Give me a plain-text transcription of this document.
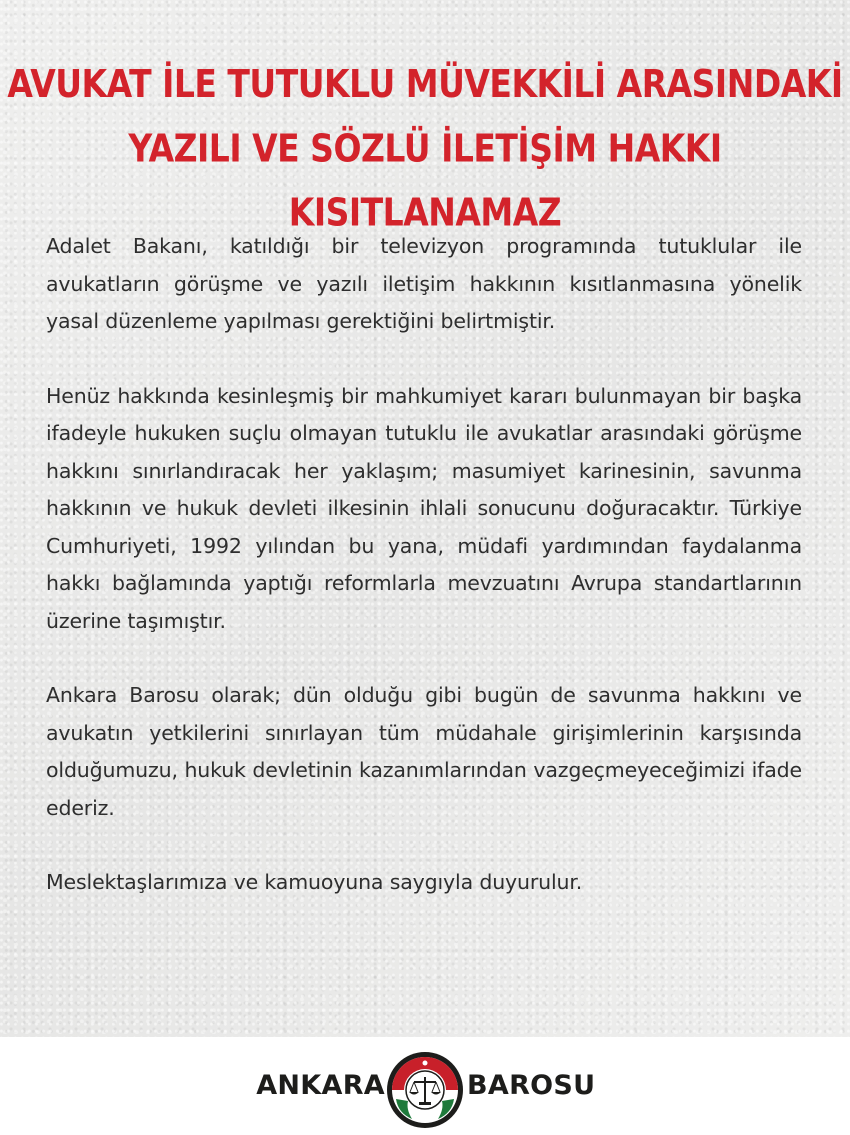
AVUKAT İLE TUTUKLU MÜVEKKİLİ ARASINDAKİ
YAZILI VE SÖZLÜ İLETİŞİM HAKKI KISITLANAMAZ

Adalet Bakanı, katıldığı bir televizyon programında tutuklular ile avukatların görüşme ve yazılı iletişim hakkının kısıtlanmasına yönelik yasal düzenleme yapılması gerektiğini belirtmiştir.

Henüz hakkında kesinleşmiş bir mahkumiyet kararı bulunmayan bir başka ifadeyle hukuken suçlu olmayan tutuklu ile avukatlar arasındaki görüşme hakkını sınırlandıracak her yaklaşım; masumiyet karinesinin, savunma hakkının ve hukuk devleti ilkesinin ihlali sonucunu doğuracaktır. Türkiye Cumhuriyeti, 1992 yılından bu yana, müdafi yardımından faydalanma hakkı bağlamında yaptığı reformlarla mevzuatını Avrupa standartlarının üzerine taşımıştır.

Ankara Barosu olarak; dün olduğu gibi bugün de savunma hakkını ve avukatın yetkilerini sınırlayan tüm müdahale girişimlerinin karşısında olduğumuzu, hukuk devletinin kazanımlarından vazgeçmeyeceğimizi ifade ederiz.

Meslektaşlarımıza ve kamuoyuna saygıyla duyurulur.

ANKARA	BAROSU
